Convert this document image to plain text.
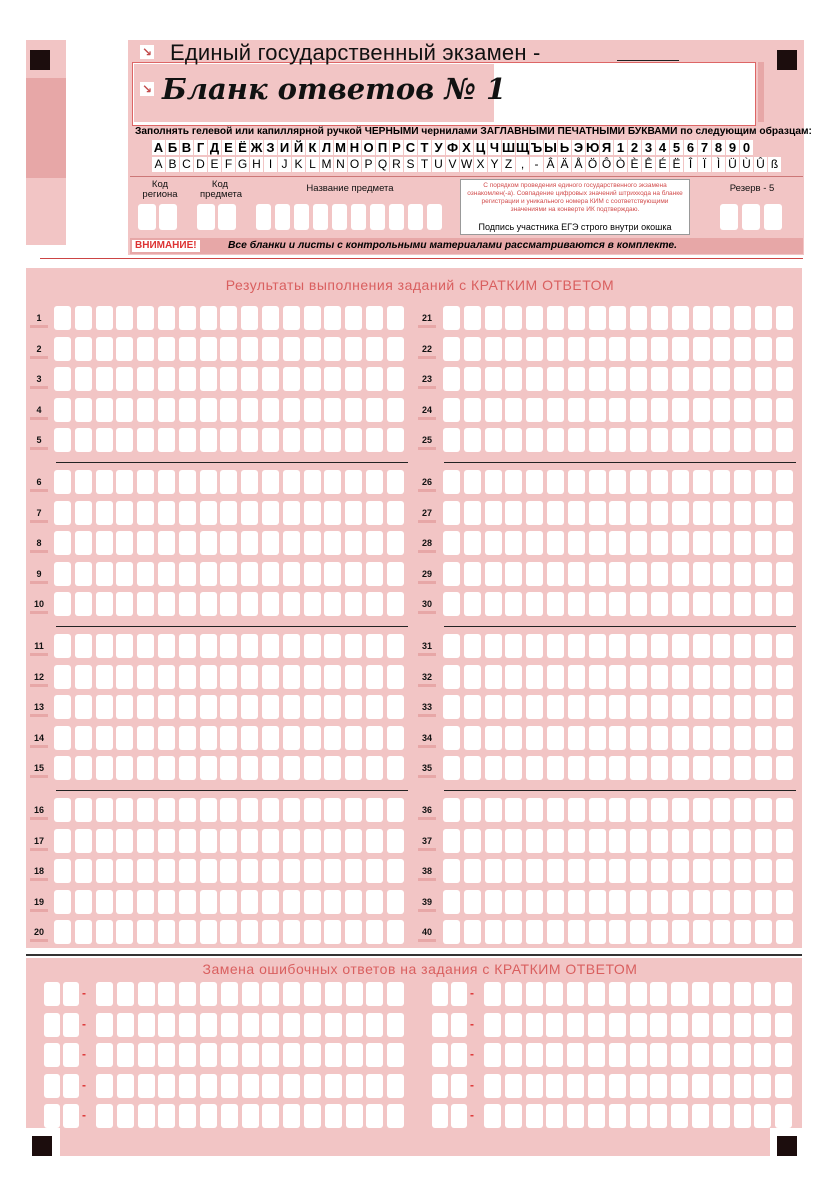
↘ Единый государственный экзамен -
↘ Бланк ответов № 1
Заполнять гелевой или капиллярной ручкой ЧЕРНЫМИ чернилами ЗАГЛАВНЫМИ ПЕЧАТНЫМИ БУКВАМИ по следующим образцам:
А Б В Г Д Е Ё Ж З И Й К Л М Н О П Р С Т У Ф Х Ц Ч Ш Щ Ъ Ы Ь Э Ю Я 1 2 3 4 5 6 7 8 9 0
A B C D E F G H I J K L M N O P Q R S T U V W X Y Z , - Â Ä Å Ö Ô Ò È Ê É Ë Î Ï Ì Ü Ù Û ß
Код региона
Код предмета
Название предмета	Резерв - 5
С порядком проведения единого государственного экзамена ознакомлен(-а). Совпадение цифровых значений штрихкода на бланке регистрации и уникального номера КИМ с соответствующими значениями на конверте ИК подтверждаю.
Подпись участника ЕГЭ строго внутри окошка
ВНИМАНИЕ!	Все бланки и листы с контрольными материалами рассматриваются в комплекте.
Результаты выполнения заданий с КРАТКИМ ОТВЕТОМ
1	21
2	22
3	23
4	24
5	25
6	26
7	27
8	28
9	29
10	30
11	31
12	32
13	33
14	34
15	35
16	36
17	37
18	38
19	39
20	40
Замена ошибочных ответов на задания с КРАТКИМ ОТВЕТОМ
-	-
-	-
-	-
-	-
-	-
